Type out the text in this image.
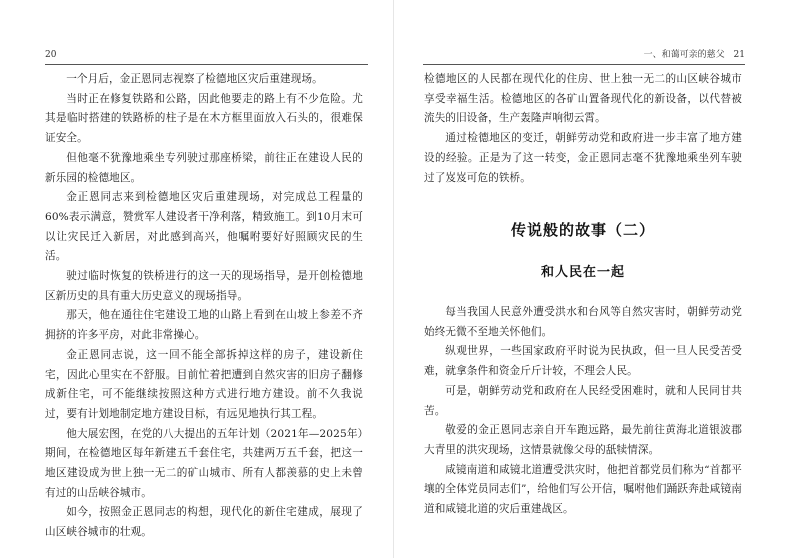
20

一个月后，金正恩同志视察了检德地区灾后重建现场。

当时正在修复铁路和公路，因此他要走的路上有不少危险。尤其是临时搭建的铁路桥的柱子是在木方框里面放入石头的，很难保证安全。

但他毫不犹豫地乘坐专列驶过那座桥梁，前往正在建设人民的新乐园的检德地区。

金正恩同志来到检德地区灾后重建现场，对完成总工程量的60%表示满意，赞赏军人建设者干净利落，精致施工。到10月末可以让灾民迁入新居，对此感到高兴，他嘱咐要好好照顾灾民的生活。

驶过临时恢复的铁桥进行的这一天的现场指导，是开创检德地区新历史的具有重大历史意义的现场指导。

那天，他在通往住宅建设工地的山路上看到在山坡上参差不齐拥挤的许多平房，对此非常操心。

金正恩同志说，这一回不能全部拆掉这样的房子，建设新住宅，因此心里实在不舒服。目前忙着把遭到自然灾害的旧房子翻修成新住宅，可不能继续按照这种方式进行地方建设。前不久我说过，要有计划地制定地方建设目标，有远见地执行其工程。

他大展宏图，在党的八大提出的五年计划（2021年—2025年）期间，在检德地区每年新建五千套住宅，共建两万五千套，把这一地区建设成为世上独一无二的矿山城市、所有人都羡慕的史上未曾有过的山岳峡谷城市。

如今，按照金正恩同志的构想，现代化的新住宅建成，展现了山区峡谷城市的壮观。

一、和蔼可亲的慈父 21

检德地区的人民都在现代化的住房、世上独一无二的山区峡谷城市享受幸福生活。检德地区的各矿山置备现代化的新设备，以代替被流失的旧设备，生产轰隆声响彻云霄。

通过检德地区的变迁，朝鲜劳动党和政府进一步丰富了地方建设的经验。正是为了这一转变，金正恩同志毫不犹豫地乘坐列车驶过了岌岌可危的铁桥。

传说般的故事（二）
和人民在一起

每当我国人民意外遭受洪水和台风等自然灾害时，朝鲜劳动党始终无微不至地关怀他们。

纵观世界，一些国家政府平时说为民执政，但一旦人民受苦受难，就拿条件和资金斤斤计较，不理会人民。

可是，朝鲜劳动党和政府在人民经受困难时，就和人民同甘共苦。

敬爱的金正恩同志亲自开车跑远路，最先前往黄海北道银波郡大青里的洪灾现场，这情景就像父母的舐犊情深。

咸镜南道和咸镜北道遭受洪灾时，他把首都党员们称为“首都平壤的全体党员同志们”，给他们写公开信，嘱咐他们踊跃奔赴咸镜南道和咸镜北道的灾后重建战区。
